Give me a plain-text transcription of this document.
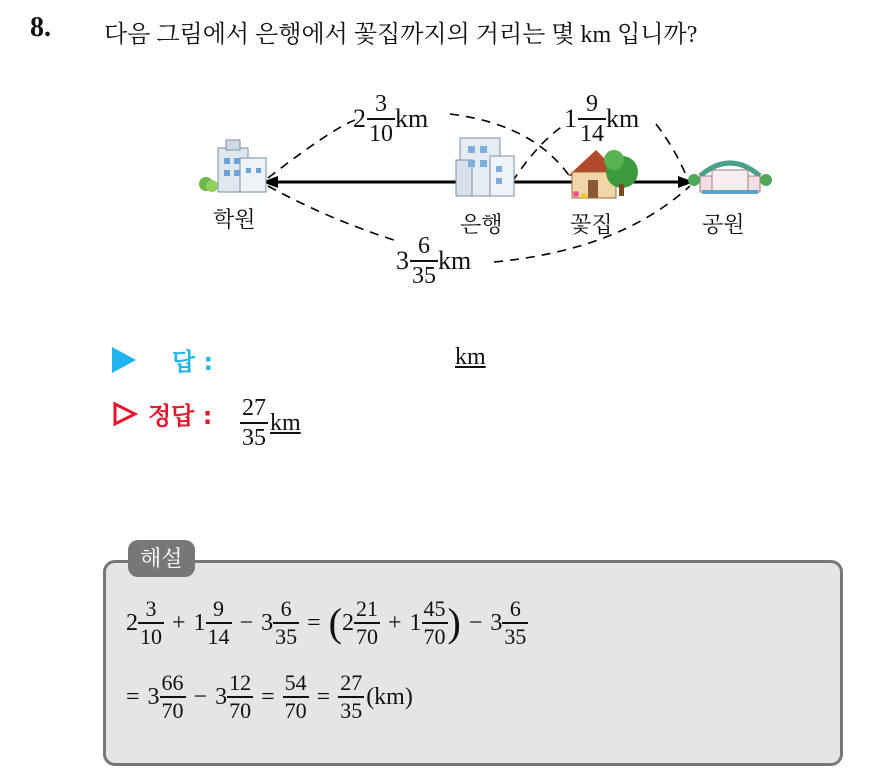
8. 다음 그림에서 은행에서 꽃집까지의 거리는 몇 km 입니까?
학원	은행	꽃집	공원
$2 \frac{3}{10}$ km	$1 \frac{9}{14}$ km
$3 \frac{6}{35}$ km
답 :	km
정답 : $\frac{27}{35}$ km
해설
$2 \frac{3}{10} + 1 \frac{9}{14} - 3 \frac{6}{35}$ = ( $2 \frac{21}{70} + 1 \frac{45}{70}$ ) − $3 \frac{6}{35}$
= $3 \frac{66}{70} - 3 \frac{12}{70} = \frac{54}{70} = \frac{27}{35} (km)$
